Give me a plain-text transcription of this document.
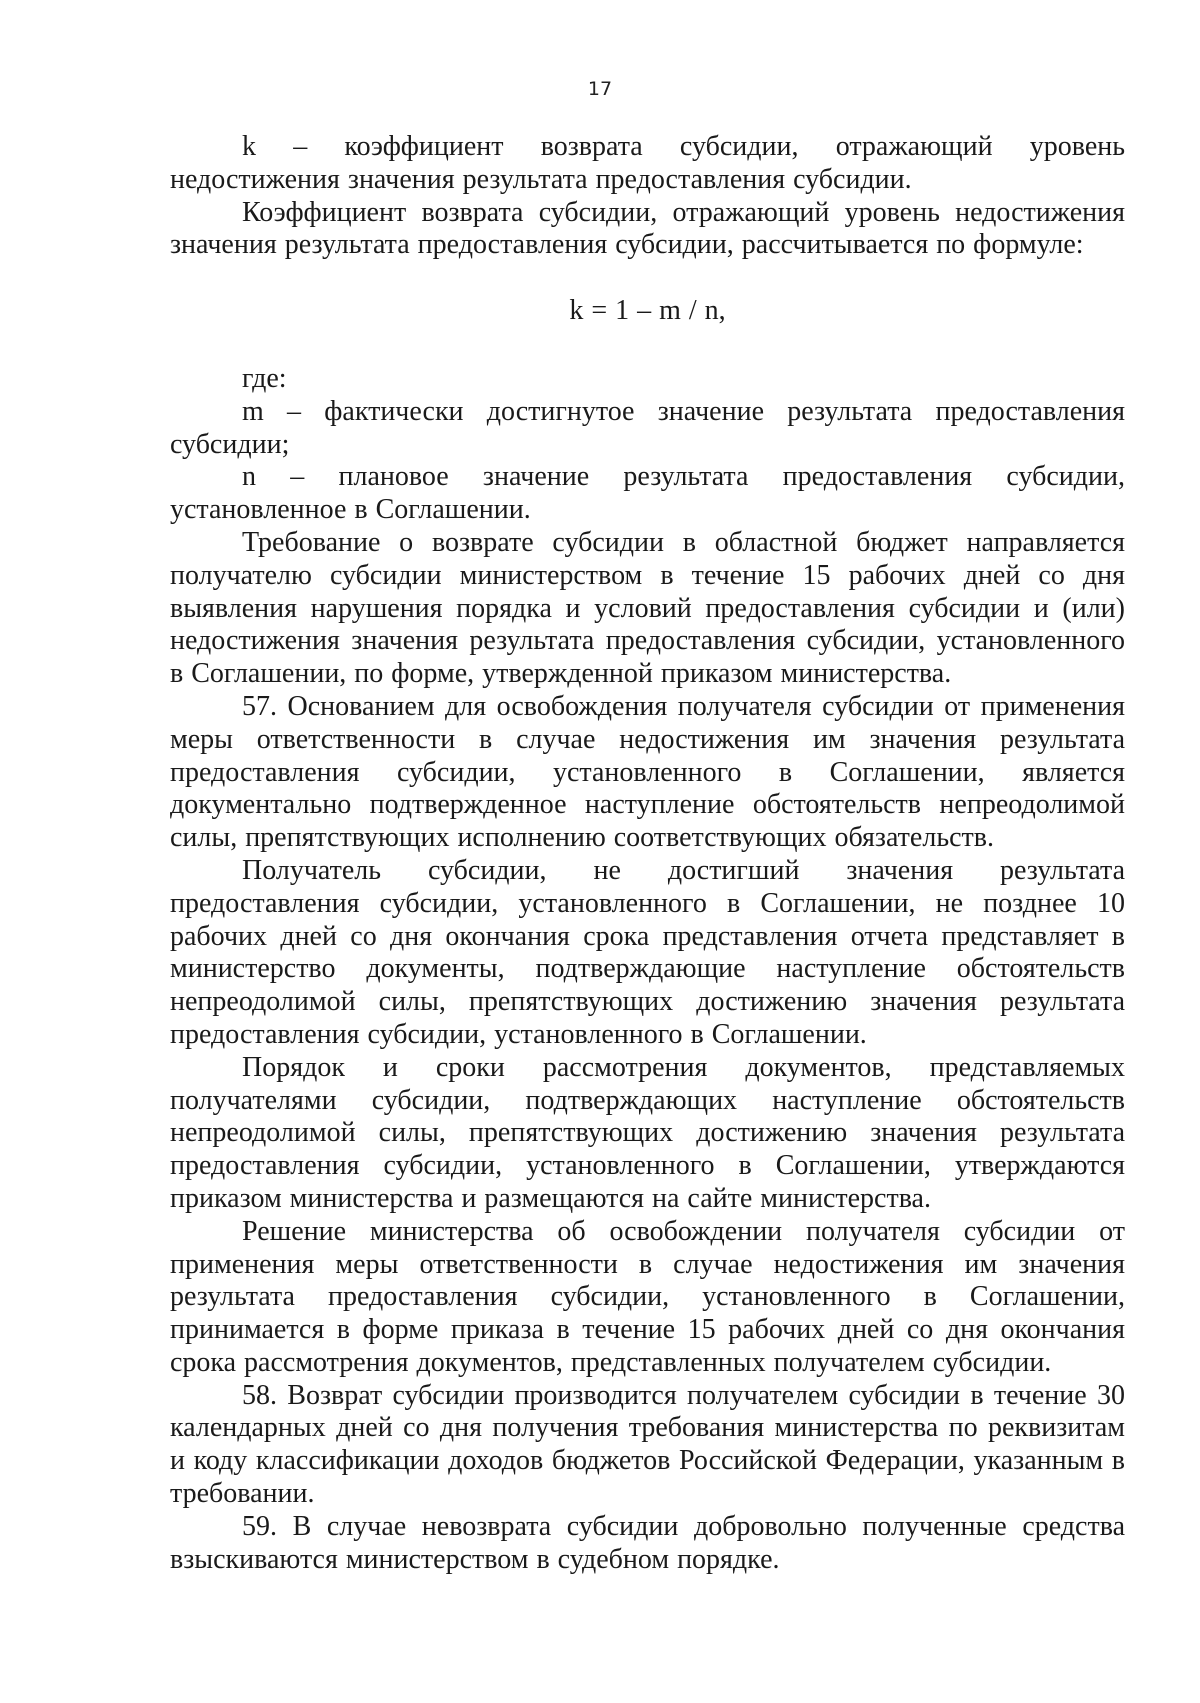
17

k – коэффициент возврата субсидии, отражающий уровень недостижения значения результата предоставления субсидии.

Коэффициент возврата субсидии, отражающий уровень недостижения значения результата предоставления субсидии, рассчитывается по формуле:

k = 1 – m / n,

где:

m – фактически достигнутое значение результата предоставления субсидии;

n – плановое значение результата предоставления субсидии, установленное в Соглашении.

Требование о возврате субсидии в областной бюджет направляется получателю субсидии министерством в течение 15 рабочих дней со дня выявления нарушения порядка и условий предоставления субсидии и (или) недостижения значения результата предоставления субсидии, установленного в Соглашении, по форме, утвержденной приказом министерства.

57. Основанием для освобождения получателя субсидии от применения меры ответственности в случае недостижения им значения результата предоставления субсидии, установленного в Соглашении, является документально подтвержденное наступление обстоятельств непреодолимой силы, препятствующих исполнению соответствующих обязательств.

Получатель субсидии, не достигший значения результата предоставления субсидии, установленного в Соглашении, не позднее 10 рабочих дней со дня окончания срока представления отчета представляет в министерство документы, подтверждающие наступление обстоятельств непреодолимой силы, препятствующих достижению значения результата предоставления субсидии, установленного в Соглашении.

Порядок и сроки рассмотрения документов, представляемых получателями субсидии, подтверждающих наступление обстоятельств непреодолимой силы, препятствующих достижению значения результата предоставления субсидии, установленного в Соглашении, утверждаются приказом министерства и размещаются на сайте министерства.

Решение министерства об освобождении получателя субсидии от применения меры ответственности в случае недостижения им значения результата предоставления субсидии, установленного в Соглашении, принимается в форме приказа в течение 15 рабочих дней со дня окончания срока рассмотрения документов, представленных получателем субсидии.

58. Возврат субсидии производится получателем субсидии в течение 30 календарных дней со дня получения требования министерства по реквизитам и коду классификации доходов бюджетов Российской Федерации, указанным в требовании.

59. В случае невозврата субсидии добровольно полученные средства взыскиваются министерством в судебном порядке.
